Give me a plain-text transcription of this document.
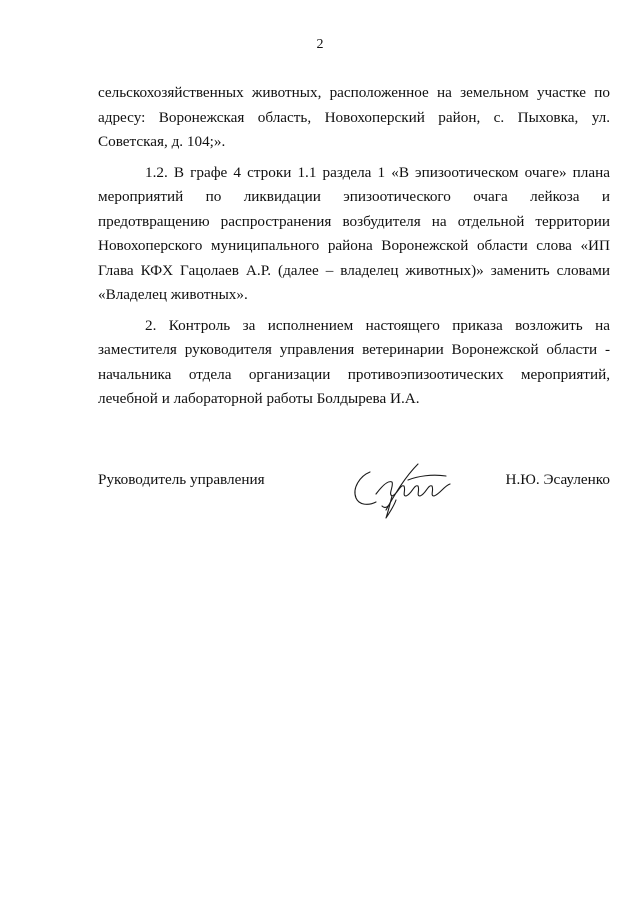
2

сельскохозяйственных животных, расположенное на земельном участке по адресу: Воронежская область, Новохоперский район, с. Пыховка, ул. Советская, д. 104;».

1.2. В графе 4 строки 1.1 раздела 1 «В эпизоотическом очаге» плана мероприятий по ликвидации эпизоотического очага лейкоза и предотвращению распространения возбудителя на отдельной территории Новохоперского муниципального района Воронежской области слова «ИП Глава КФХ Гацолаев А.Р. (далее – владелец животных)» заменить словами «Владелец животных».

2. Контроль за исполнением настоящего приказа возложить на заместителя руководителя управления ветеринарии Воронежской области - начальника отдела организации противоэпизоотических мероприятий, лечебной и лабораторной работы Болдырева И.А.

Руководитель управления	Н.Ю. Эсауленко
